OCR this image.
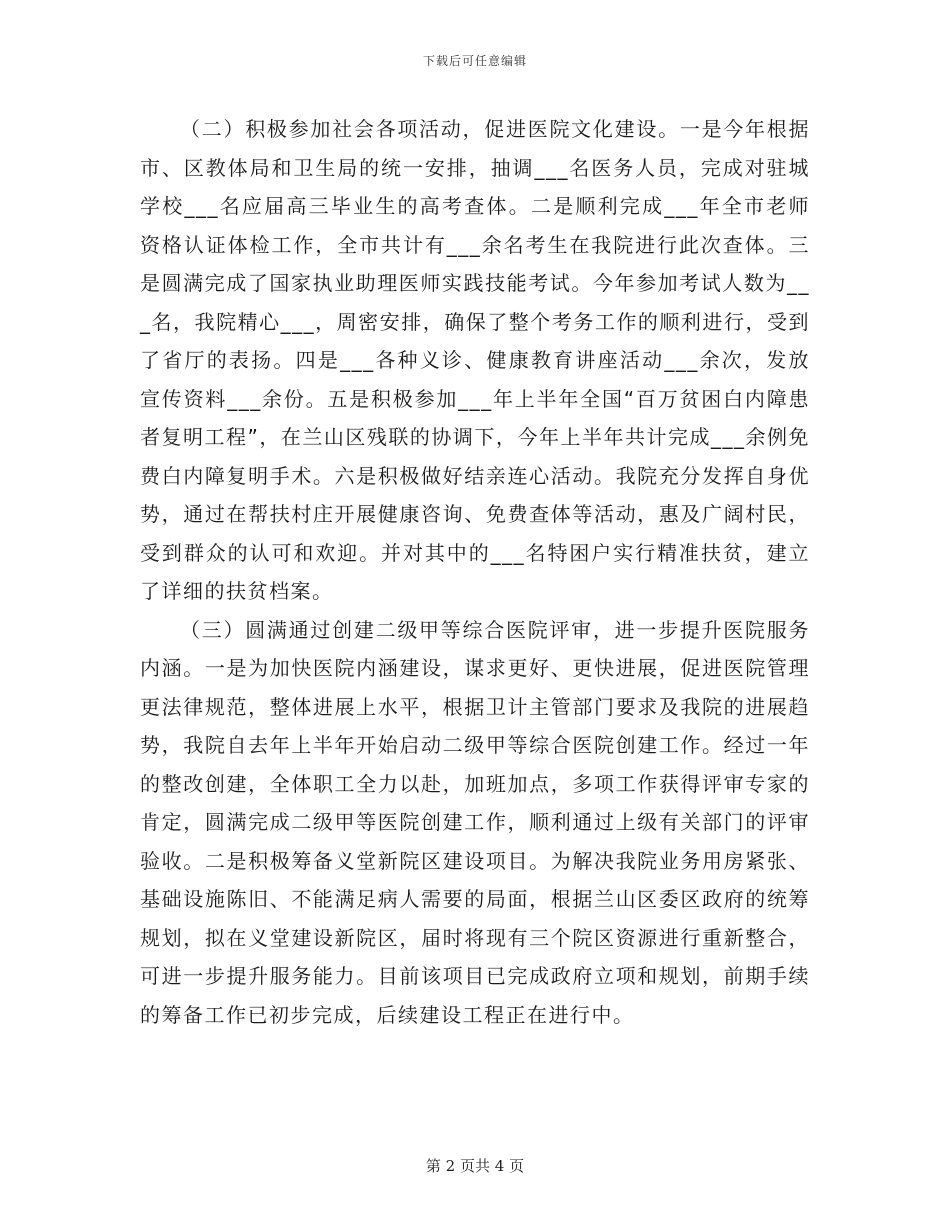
下载后可任意编辑

（二）积极参加社会各项活动，促进医院文化建设。一是今年根据市、区教体局和卫生局的统一安排，抽调___名医务人员，完成对驻城学校___名应届高三毕业生的高考查体。二是顺利完成___年全市老师资格认证体检工作，全市共计有___余名考生在我院进行此次查体。三是圆满完成了国家执业助理医师实践技能考试。今年参加考试人数为___名，我院精心___，周密安排，确保了整个考务工作的顺利进行，受到了省厅的表扬。四是___各种义诊、健康教育讲座活动___余次，发放宣传资料___余份。五是积极参加___年上半年全国“百万贫困白内障患者复明工程”，在兰山区残联的协调下，今年上半年共计完成___余例免费白内障复明手术。六是积极做好结亲连心活动。我院充分发挥自身优势，通过在帮扶村庄开展健康咨询、免费查体等活动，惠及广阔村民，受到群众的认可和欢迎。并对其中的___名特困户实行精准扶贫，建立了详细的扶贫档案。

（三）圆满通过创建二级甲等综合医院评审，进一步提升医院服务内涵。一是为加快医院内涵建设，谋求更好、更快进展，促进医院管理更法律规范，整体进展上水平，根据卫计主管部门要求及我院的进展趋势，我院自去年上半年开始启动二级甲等综合医院创建工作。经过一年的整改创建，全体职工全力以赴，加班加点，多项工作获得评审专家的肯定，圆满完成二级甲等医院创建工作，顺利通过上级有关部门的评审验收。二是积极筹备义堂新院区建设项目。为解决我院业务用房紧张、基础设施陈旧、不能满足病人需要的局面，根据兰山区委区政府的统筹规划，拟在义堂建设新院区，届时将现有三个院区资源进行重新整合，可进一步提升服务能力。目前该项目已完成政府立项和规划，前期手续的筹备工作已初步完成，后续建设工程正在进行中。

第 2 页共 4 页
